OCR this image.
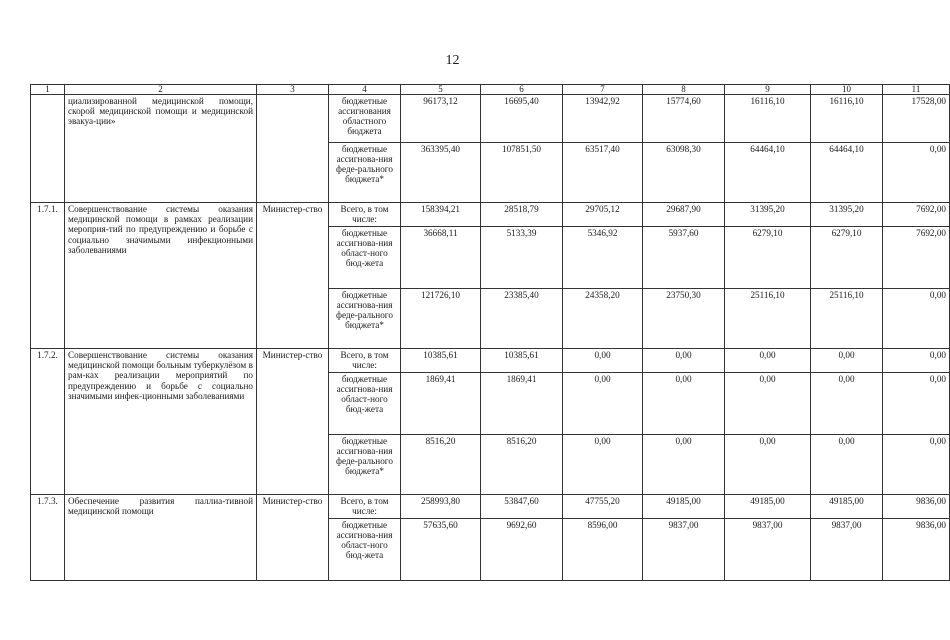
12
1	2	3	4	5	6	7	8	9	10	11
	циализированной медицинской помощи, скорой медицинской помощи и медицинской эвакуа-ции»		бюджетные ассигнования областного бюджета	96173,12	16695,40	13942,92	15774,60	16116,10	16116,10	17528,00
			бюджетные ассигнова-ния феде-рального бюджета*	363395,40	107851,50	63517,40	63098,30	64464,10	64464,10	0,00
1.7.1.	Совершенствование системы оказания медицинской помощи в рамках реализации мероприя-тий по предупреждению и борьбе с социально значимыми инфекционными заболеваниями	Министер-ство	Всего, в том числе:	158394,21	28518,79	29705,12	29687,90	31395,20	31395,20	7692,00
			бюджетные ассигнова-ния област-ного бюд-жета	36668,11	5133,39	5346,92	5937,60	6279,10	6279,10	7692,00
			бюджетные ассигнова-ния феде-рального бюджета*	121726,10	23385,40	24358,20	23750,30	25116,10	25116,10	0,00
1.7.2.	Совершенствование системы оказания медицинской помощи больным туберкулёзом в рам-ках реализации мероприятий по предупреждению и борьбе с социально значимыми инфек-ционными заболеваниями	Министер-ство	Всего, в том числе:	10385,61	10385,61	0,00	0,00	0,00	0,00	0,00
			бюджетные ассигнова-ния област-ного бюд-жета	1869,41	1869,41	0,00	0,00	0,00	0,00	0,00
			бюджетные ассигнова-ния феде-рального бюджета*	8516,20	8516,20	0,00	0,00	0,00	0,00	0,00
1.7.3.	Обеспечение развития паллиа-тивной медицинской помощи	Министер-ство	Всего, в том числе:	258993,80	53847,60	47755,20	49185,00	49185,00	49185,00	9836,00
			бюджетные ассигнова-ния област-ного бюд-жета	57635,60	9692,60	8596,00	9837,00	9837,00	9837,00	9836,00
